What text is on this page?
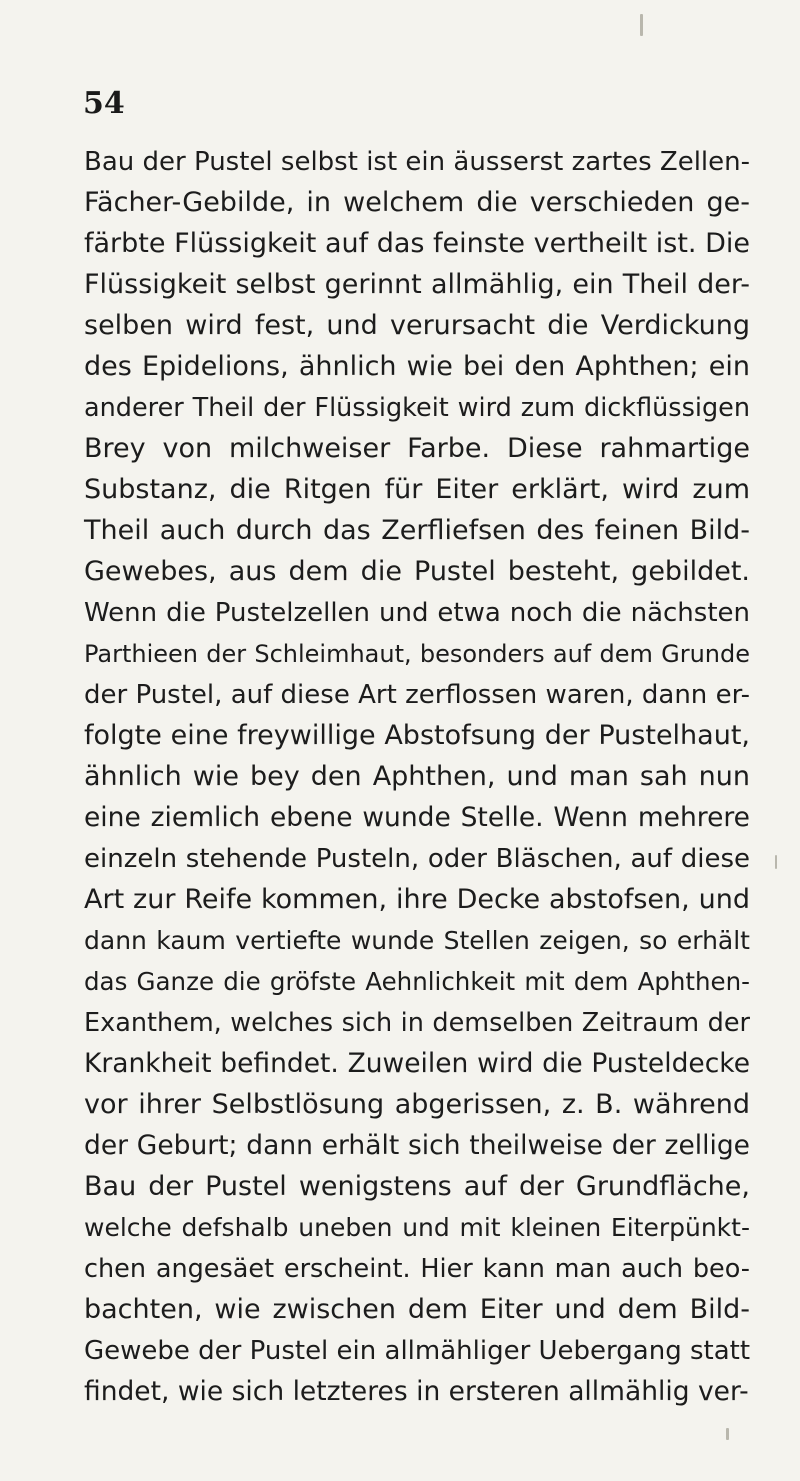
54
Bau der Pustel selbst ist ein äusserst zartes Zellen-
Fächer-Gebilde, in welchem die verschieden ge-
färbte Flüssigkeit auf das feinste vertheilt ist. Die
Flüssigkeit selbst gerinnt allmählig, ein Theil der-
selben wird fest, und verursacht die Verdickung
des Epidelions, ähnlich wie bei den Aphthen; ein
anderer Theil der Flüssigkeit wird zum dickflüssigen
Brey von milchweiser Farbe. Diese rahmartige
Substanz, die Ritgen für Eiter erklärt, wird zum
Theil auch durch das Zerfliefsen des feinen Bild-
Gewebes, aus dem die Pustel besteht, gebildet.
Wenn die Pustelzellen und etwa noch die nächsten
Parthieen der Schleimhaut, besonders auf dem Grunde
der Pustel, auf diese Art zerflossen waren, dann er-
folgte eine freywillige Abstofsung der Pustelhaut,
ähnlich wie bey den Aphthen, und man sah nun
eine ziemlich ebene wunde Stelle. Wenn mehrere
einzeln stehende Pusteln, oder Bläschen, auf diese
Art zur Reife kommen, ihre Decke abstofsen, und
dann kaum vertiefte wunde Stellen zeigen, so erhält
das Ganze die gröfste Aehnlichkeit mit dem Aphthen-
Exanthem, welches sich in demselben Zeitraum der
Krankheit befindet. Zuweilen wird die Pusteldecke
vor ihrer Selbstlösung abgerissen, z. B. während
der Geburt; dann erhält sich theilweise der zellige
Bau der Pustel wenigstens auf der Grundfläche,
welche defshalb uneben und mit kleinen Eiterpünkt-
chen angesäet erscheint. Hier kann man auch beo-
bachten, wie zwischen dem Eiter und dem Bild-
Gewebe der Pustel ein allmähliger Uebergang statt
findet, wie sich letzteres in ersteren allmählig ver-
